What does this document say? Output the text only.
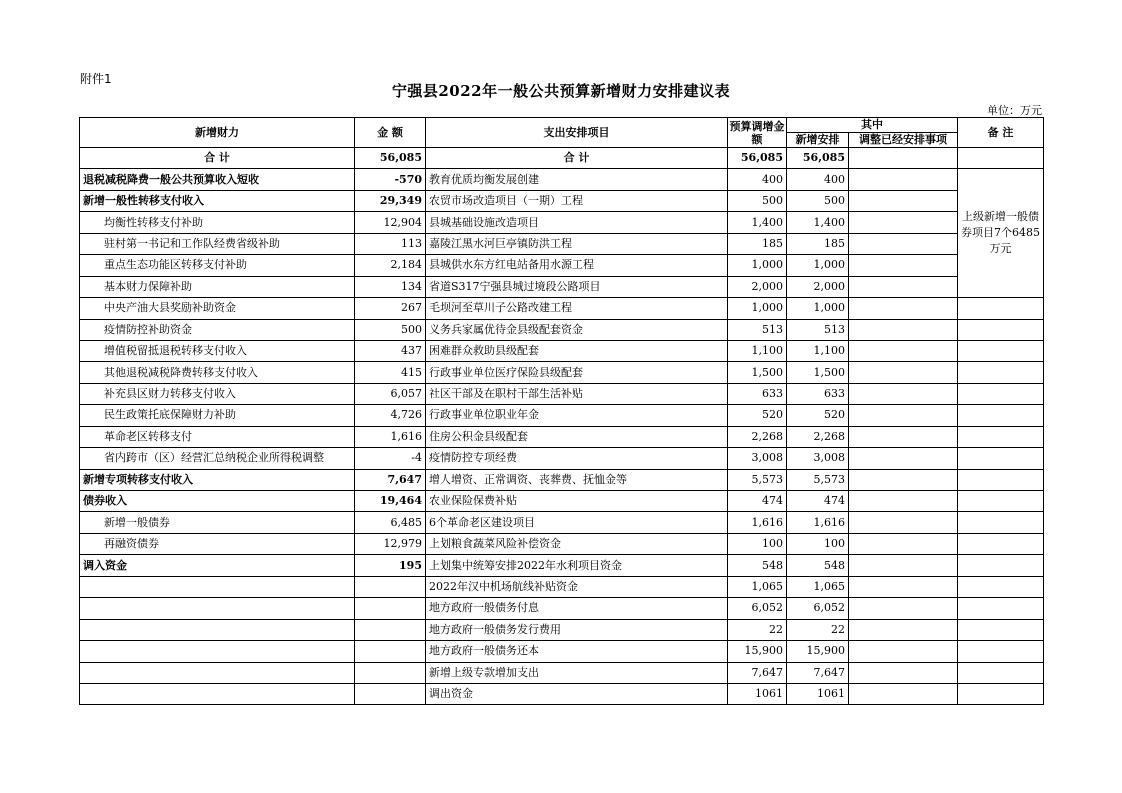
附件1
宁强县2022年一般公共预算新增财力安排建议表
单位：万元
新增财力	金 额	支出安排项目	预算调增金额	其中		备 注
				新增安排	调整已经安排事项	
合 计	56,085	合 计	56,085	56,085		
退税减税降费一般公共预算收入短收	-570	教育优质均衡发展创建	400	400		上级新增一般债券项目7个6485万元
新增一般性转移支付收入	29,349	农贸市场改造项目（一期）工程	500	500		
均衡性转移支付补助	12,904	县城基础设施改造项目	1,400	1,400		
驻村第一书记和工作队经费省级补助	113	嘉陵江黑水河巨亭镇防洪工程	185	185		
重点生态功能区转移支付补助	2,184	县城供水东方红电站备用水源工程	1,000	1,000		
基本财力保障补助	134	省道S317宁强县城过境段公路项目	2,000	2,000		
中央产油大县奖励补助资金	267	毛坝河至草川子公路改建工程	1,000	1,000		
疫情防控补助资金	500	义务兵家属优待金县级配套资金	513	513		
增值税留抵退税转移支付收入	437	困难群众救助县级配套	1,100	1,100		
其他退税减税降费转移支付收入	415	行政事业单位医疗保险县级配套	1,500	1,500		
补充县区财力转移支付收入	6,057	社区干部及在职村干部生活补贴	633	633		
民生政策托底保障财力补助	4,726	行政事业单位职业年金	520	520		
革命老区转移支付	1,616	住房公积金县级配套	2,268	2,268		
省内跨市（区）经营汇总纳税企业所得税调整	-4	疫情防控专项经费	3,008	3,008		
新增专项转移支付收入	7,647	增人增资、正常调资、丧葬费、抚恤金等	5,573	5,573		
债券收入	19,464	农业保险保费补贴	474	474		
新增一般债券	6,485	6个革命老区建设项目	1,616	1,616		
再融资债券	12,979	上划粮食蔬菜风险补偿资金	100	100		
调入资金	195	上划集中统筹安排2022年水利项目资金	548	548		
		2022年汉中机场航线补贴资金	1,065	1,065		
		地方政府一般债务付息	6,052	6,052		
		地方政府一般债务发行费用	22	22		
		地方政府一般债务还本	15,900	15,900		
		新增上级专款增加支出	7,647	7,647		
		调出资金	1061	1061		
